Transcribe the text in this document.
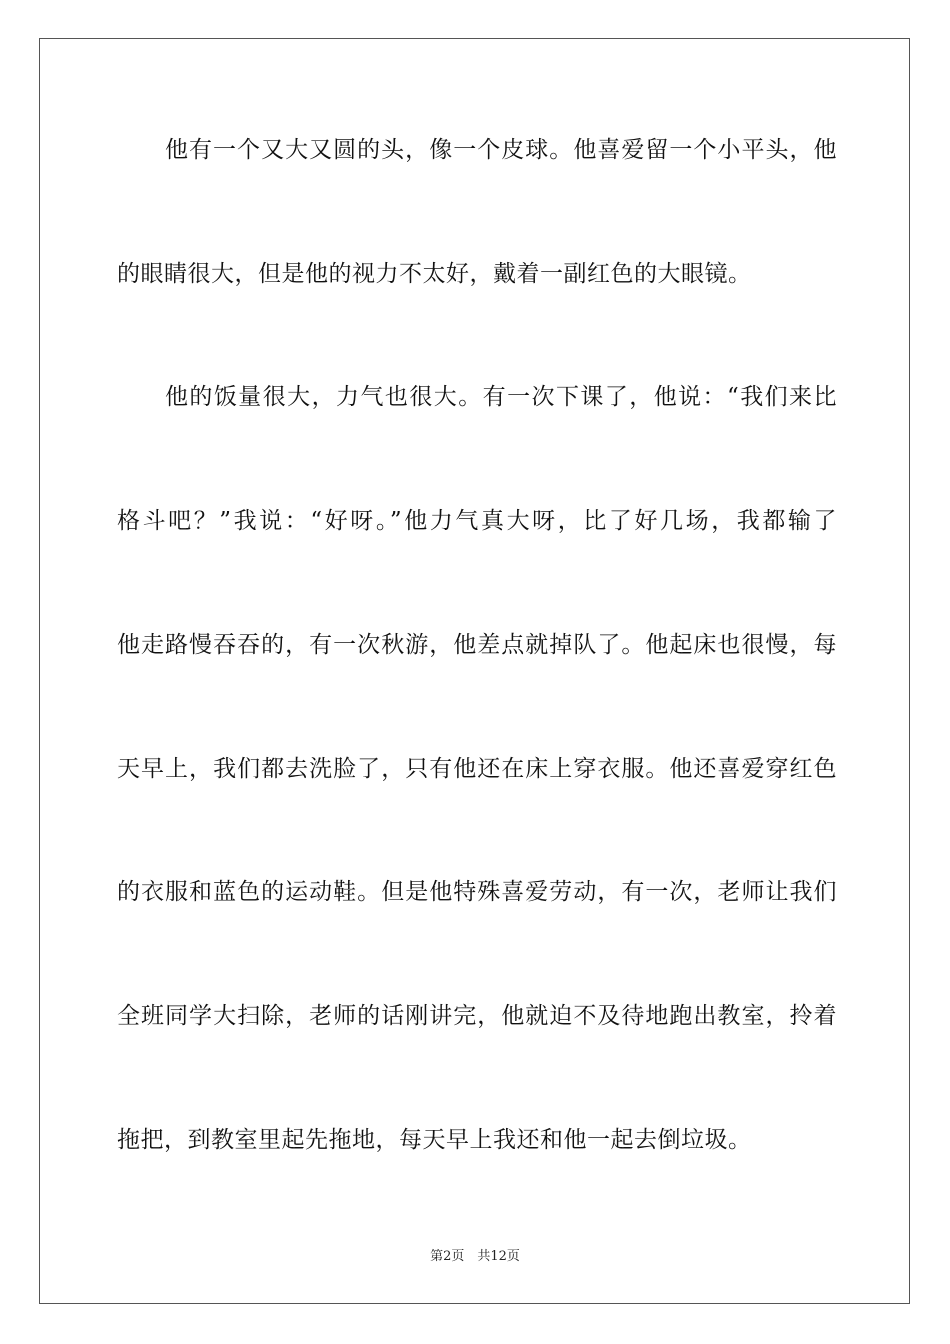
他有一个又大又圆的头，像一个皮球。他喜爱留一个小平头，他
的眼睛很大，但是他的视力不太好，戴着一副红色的大眼镜。
他的饭量很大，力气也很大。有一次下课了，他说：“我们来比
格斗吧？”我说：“好呀。”他力气真大呀，比了好几场，我都输了
他走路慢吞吞的，有一次秋游，他差点就掉队了。他起床也很慢，每
天早上，我们都去洗脸了，只有他还在床上穿衣服。他还喜爱穿红色
的衣服和蓝色的运动鞋。但是他特殊喜爱劳动，有一次，老师让我们
全班同学大扫除，老师的话刚讲完，他就迫不及待地跑出教室，拎着
拖把，到教室里起先拖地，每天早上我还和他一起去倒垃圾。
第2页　共12页
